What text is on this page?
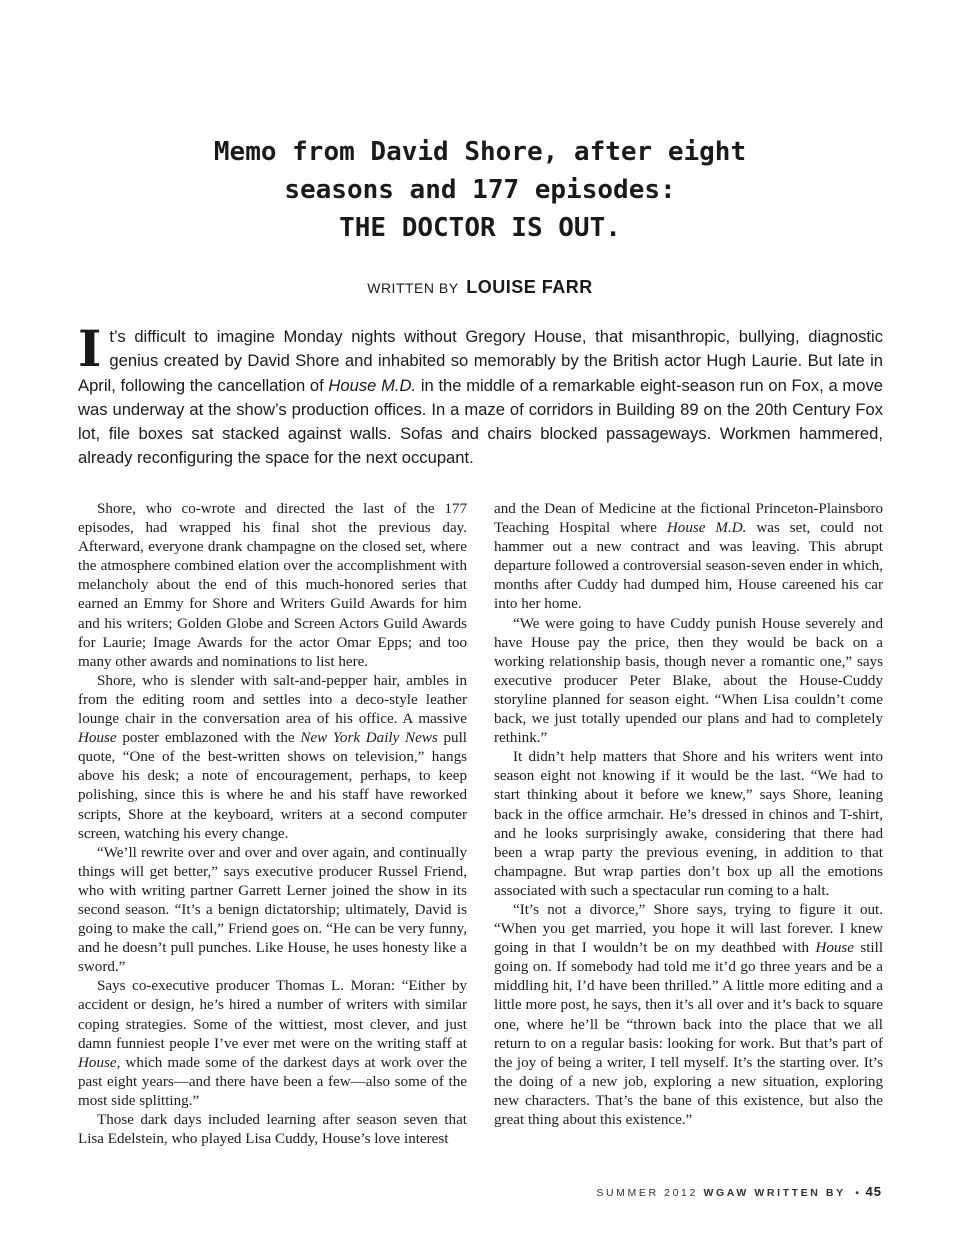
Memo from David Shore, after eight
seasons and 177 episodes:
THE DOCTOR IS OUT.
WRITTEN BY LOUISE FARR
It’s difficult to imagine Monday nights without Gregory House, that misanthropic, bullying, diagnostic genius created by David Shore and inhabited so memorably by the British actor Hugh Laurie. But late in April, following the cancellation of House M.D. in the middle of a remarkable eight-season run on Fox, a move was underway at the show’s production offices. In a maze of corridors in Building 89 on the 20th Century Fox lot, file boxes sat stacked against walls. Sofas and chairs blocked passageways. Workmen hammered, already reconfiguring the space for the next occupant.

Shore, who co-wrote and directed the last of the 177 episodes, had wrapped his final shot the previous day. Afterward, everyone drank champagne on the closed set, where the atmosphere combined elation over the accomplishment with melancholy about the end of this much-honored series that earned an Emmy for Shore and Writers Guild Awards for him and his writers; Golden Globe and Screen Actors Guild Awards for Laurie; Image Awards for the actor Omar Epps; and too many other awards and nominations to list here.

Shore, who is slender with salt-and-pepper hair, ambles in from the editing room and settles into a deco-style leather lounge chair in the conversation area of his office. A massive House poster emblazoned with the New York Daily News pull quote, “One of the best-written shows on television,” hangs above his desk; a note of encouragement, perhaps, to keep polishing, since this is where he and his staff have reworked scripts, Shore at the keyboard, writers at a second computer screen, watching his every change.

“We’ll rewrite over and over and over again, and continually things will get better,” says executive producer Russel Friend, who with writing partner Garrett Lerner joined the show in its second season. “It’s a benign dictatorship; ultimately, David is going to make the call,” Friend goes on. “He can be very funny, and he doesn’t pull punches. Like House, he uses honesty like a sword.”

Says co-executive producer Thomas L. Moran: “Either by accident or design, he’s hired a number of writers with similar coping strategies. Some of the wittiest, most clever, and just damn funniest people I’ve ever met were on the writing staff at House, which made some of the darkest days at work over the past eight years—and there have been a few—also some of the most side splitting.”

Those dark days included learning after season seven that Lisa Edelstein, who played Lisa Cuddy, House’s love interest

and the Dean of Medicine at the fictional Princeton-Plainsboro Teaching Hospital where House M.D. was set, could not hammer out a new contract and was leaving. This abrupt departure followed a controversial season-seven ender in which, months after Cuddy had dumped him, House careened his car into her home.

“We were going to have Cuddy punish House severely and have House pay the price, then they would be back on a working relationship basis, though never a romantic one,” says executive producer Peter Blake, about the House-Cuddy storyline planned for season eight. “When Lisa couldn’t come back, we just totally upended our plans and had to completely rethink.”

It didn’t help matters that Shore and his writers went into season eight not knowing if it would be the last. “We had to start thinking about it before we knew,” says Shore, leaning back in the office armchair. He’s dressed in chinos and T-shirt, and he looks surprisingly awake, considering that there had been a wrap party the previous evening, in addition to that champagne. But wrap parties don’t box up all the emotions associated with such a spectacular run coming to a halt.

“It’s not a divorce,” Shore says, trying to figure it out. “When you get married, you hope it will last forever. I knew going in that I wouldn’t be on my deathbed with House still going on. If somebody had told me it’d go three years and be a middling hit, I’d have been thrilled.” A little more editing and a little more post, he says, then it’s all over and it’s back to square one, where he’ll be “thrown back into the place that we all return to on a regular basis: looking for work. But that’s part of the joy of being a writer, I tell myself. It’s the starting over. It’s the doing of a new job, exploring a new situation, exploring new characters. That’s the bane of this existence, but also the great thing about this existence.”

SUMMER 2012 WGAW WRITTEN BY • 45
